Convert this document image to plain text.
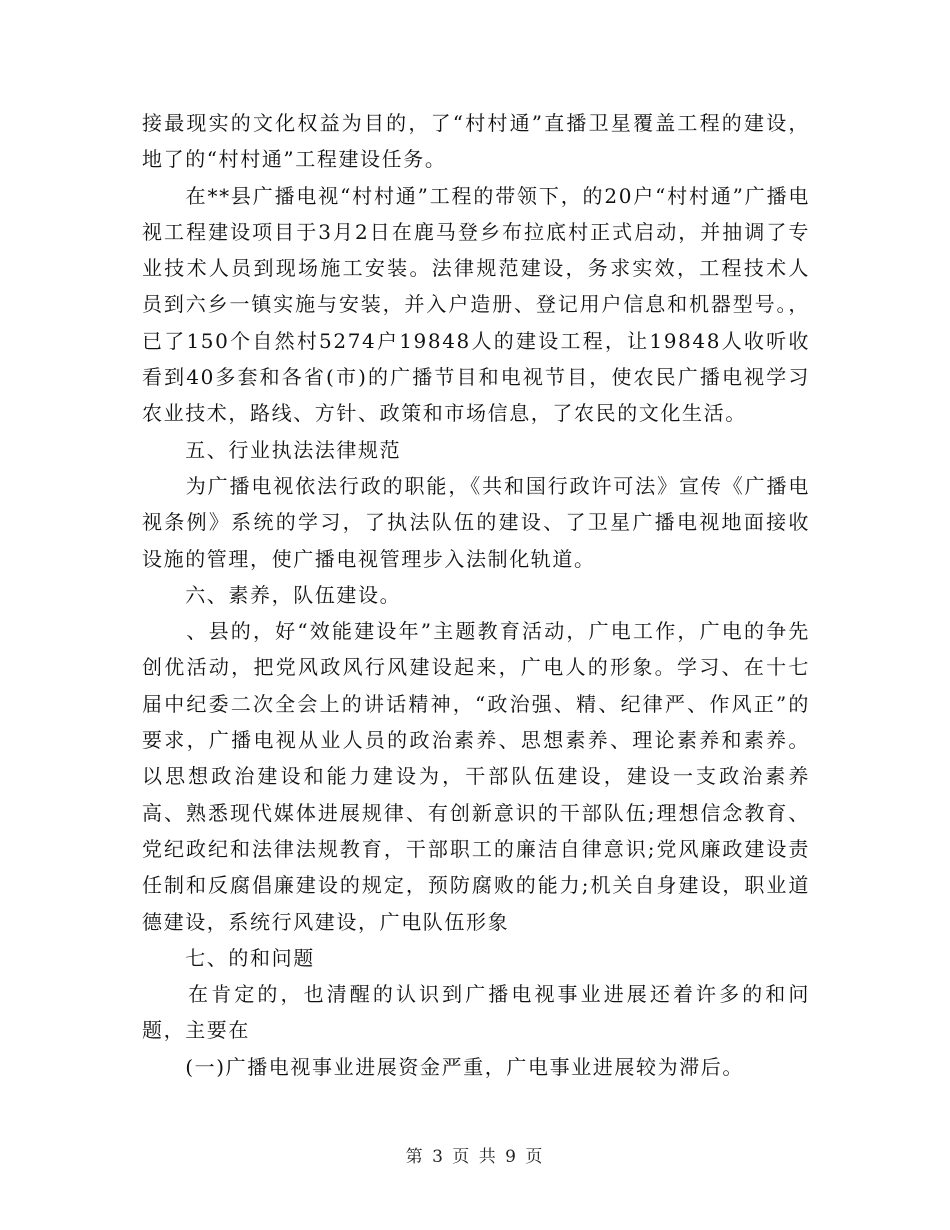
接最现实的文化权益为目的，了“村村通”直播卫星覆盖工程的建设，地了的“村村通”工程建设任务。

　　在**县广播电视“村村通”工程的带领下，的20户“村村通”广播电视工程建设项目于3月2日在鹿马登乡布拉底村正式启动，并抽调了专业技术人员到现场施工安装。法律规范建设，务求实效，工程技术人员到六乡一镇实施与安装，并入户造册、登记用户信息和机器型号。，已了150个自然村5274户19848人的建设工程，让19848人收听收看到40多套和各省(市)的广播节目和电视节目，使农民广播电视学习农业技术，路线、方针、政策和市场信息，了农民的文化生活。

　　五、行业执法法律规范

　　为广播电视依法行政的职能，《共和国行政许可法》宣传《广播电视条例》系统的学习，了执法队伍的建设、了卫星广播电视地面接收设施的管理，使广播电视管理步入法制化轨道。

　　六、素养，队伍建设。

　　、县的，好“效能建设年”主题教育活动，广电工作，广电的争先创优活动，把党风政风行风建设起来，广电人的形象。学习、在十七届中纪委二次全会上的讲话精神，“政治强、精、纪律严、作风正”的要求，广播电视从业人员的政治素养、思想素养、理论素养和素养。以思想政治建设和能力建设为，干部队伍建设，建设一支政治素养高、熟悉现代媒体进展规律、有创新意识的干部队伍;理想信念教育、党纪政纪和法律法规教育，干部职工的廉洁自律意识;党风廉政建设责任制和反腐倡廉建设的规定，预防腐败的能力;机关自身建设，职业道德建设，系统行风建设，广电队伍形象

　　七、的和问题

　　在肯定的，也清醒的认识到广播电视事业进展还着许多的和问题，主要在

　　(一)广播电视事业进展资金严重，广电事业进展较为滞后。

第 3 页 共 9 页
